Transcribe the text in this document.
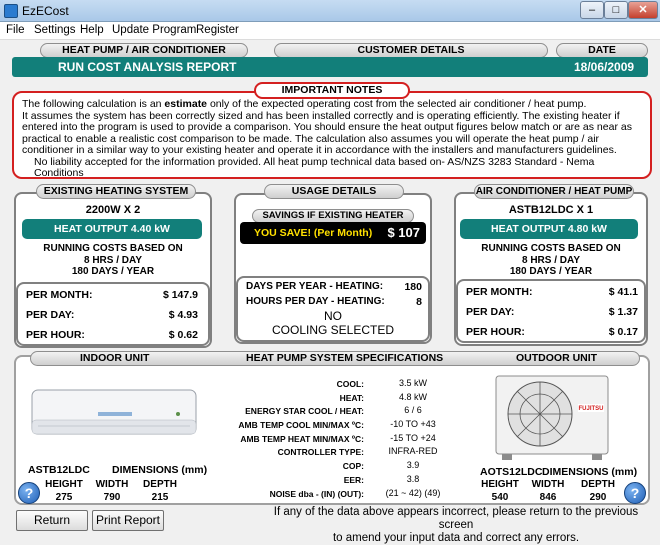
EzECost	–	□	✕
File Settings Help Update Program Register
HEAT PUMP / AIR CONDITIONER	CUSTOMER DETAILS	DATE
RUN COST ANALYSIS REPORT	18/06/2009
IMPORTANT NOTES

The following calculation is an estimate only of the expected operating cost from the selected air conditioner / heat pump.

It assumes the system has been correctly sized and has been installed correctly and is operating efficiently. The existing heater if entered into the program is used to provide a comparison. You should ensure the heat output figures below match or are as near as practical to enable a realistic cost comparison to be made. The calculation also assumes you will operate the heat pump / air conditioner in a similar way to your existing heater and operate it in accordance with the installers and manufacturers guidelines.

No liability accepted for the information provided. All heat pump technical data based on- AS/NZS 3283 Standard - Nema Conditions

EXISTING HEATING SYSTEM
2200W X 2
HEAT OUTPUT 4.40 kW
RUNNING COSTS BASED ON
8 HRS / DAY
180 DAYS / YEAR
PER MONTH:	$ 147.9
PER DAY:	$ 4.93
PER HOUR:	$ 0.62
USAGE DETAILS
SAVINGS IF EXISTING HEATER
YOU SAVE! (Per Month) $ 107
DAYS PER YEAR - HEATING:	180
HOURS PER DAY - HEATING:	8
NO
COOLING SELECTED
AIR CONDITIONER / HEAT PUMP
ASTB12LDC X 1
HEAT OUTPUT 4.80 kW
RUNNING COSTS BASED ON
8 HRS / DAY
180 DAYS / YEAR
PER MONTH:	$ 41.1
PER DAY:	$ 1.37
PER HOUR:	$ 0.17
INDOOR UNIT	HEAT PUMP SYSTEM SPECIFICATIONS	OUTDOOR UNIT
FUJITSU
ASTB12LDC DIMENSIONS (mm)
HEIGHT	WIDTH	DEPTH
275	790	215
?
COOL:	3.5 kW
HEAT:	4.8 kW
ENERGY STAR COOL / HEAT:	6 / 6
AMB TEMP COOL MIN/MAX ºC:	-10 TO +43
AMB TEMP HEAT MIN/MAX ºC:	-15 TO +24
CONTROLLER TYPE:	INFRA-RED
COP:	3.9
EER:	3.8
NOISE dba - (IN) (OUT):	(21 ~ 42) (49)
AOTS12LDC DIMENSIONS (mm)
HEIGHT	WIDTH	DEPTH
540	846	290	?
Return	Print Report
If any of the data above appears incorrect, please return to the previous screen
to amend your input data and correct any errors.
